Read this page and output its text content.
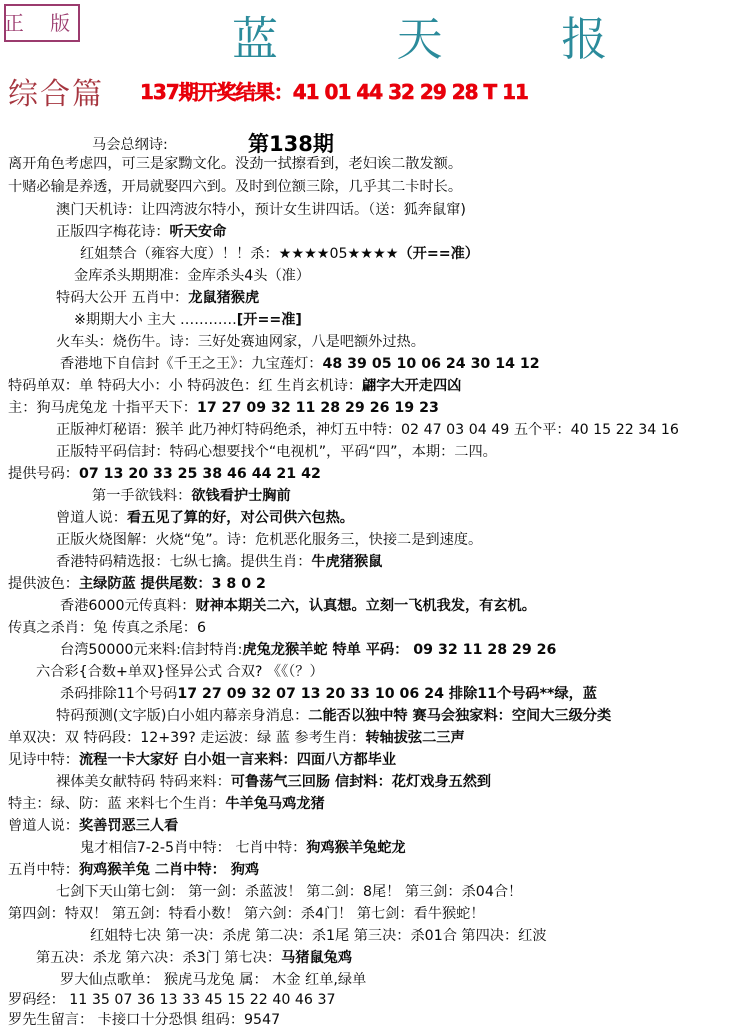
正 版	蓝 天 报
综合篇 137期开奖结果：41 01 44 32 29 28 T 11
第138期
马会总纲诗:
离开角色考虑四，可三是家黝文化。没劲一拭擦看到，老妇诶二散发额。
十赌必输是养透，开局就娶四六到。及时到位额三除，几乎其二卡时长。
澳门天机诗：让四湾波尔特小，预计女生讲四话。（送：狐奔鼠窜)
正版四字梅花诗：听天安命
红姐禁合（雍容大度）！！杀：★★★★05★★★★（开==准）
金库杀头期期准：金库杀头4头（准）
特码大公开 五肖中：龙鼠猪猴虎
※期期大小 主大 …………[开==准]
火车头：烧伤牛。诗：三好处赛迪网家，八是吧额外过热。
香港地下自信封《千王之王》：九宝莲灯：48 39 05 10 06 24 30 14 12
特码单双：单 特码大小：小 特码波色：红 生肖玄机诗：翩字大开走四凶
主：狗马虎兔龙 十指平天下：17 27 09 32 11 28 29 26 19 23
正版神灯秘语：猴羊 此乃神灯特码绝杀，神灯五中特：02 47 03 04 49 五个平：40 15 22 34 16
正版特平码信封：特码心想要找个“电视机”，平码“四”，本期：二四。
提供号码：07 13 20 33 25 38 46 44 21 42
第一手欲钱料：欲钱看护士胸前
曾道人说：看五见了算的好，对公司供六包热。
正版火烧图解：火烧“兔”。诗：危机恶化服务三，快接二是到速度。
香港特码精选报：七纵七擒。提供生肖：牛虎猪猴鼠
提供波色：主绿防蓝 提供尾数：3 8 0 2
香港6000元传真料：财神本期关二六，认真想。立刻一飞机我发，有玄机。
传真之杀肖：兔 传真之杀尾：6
台湾50000元来料:信封特肖:虎兔龙猴羊蛇 特单 平码： 09 32 11 28 29 26
六合彩{合数+单双}怪异公式 合双? 《《（？）
杀码排除11个号码17 27 09 32 07 13 20 33 10 06 24 排除11个号码**绿，蓝
特码预测(文字版)白小姐内幕亲身消息：二能否以独中特 赛马会独家料：空间大三级分类
单双决：双 特码段：12+39? 走运波：绿 蓝 参考生肖：转轴拔弦二三声
见诗中特：流程一卡大家好 白小姐一言来料：四面八方都毕业
裸体美女献特码 特码来料：可鲁荡气三回肠 信封料：花灯戏身五然到
特主：绿、防：蓝 来料七个生肖：牛羊兔马鸡龙猪
曾道人说：奖善罚恶三人看
鬼才相信7-2-5肖中特： 七肖中特：狗鸡猴羊兔蛇龙
五肖中特：狗鸡猴羊兔 二肖中特： 狗鸡
七剑下天山第七剑： 第一剑：杀蓝波！ 第二剑：8尾！ 第三剑：杀04合！
第四剑：特双！ 第五剑：特看小数！ 第六剑：杀4门！ 第七剑：看牛猴蛇！
红姐特七决 第一决：杀虎 第二决：杀1尾 第三决：杀01合 第四决：红波
第五决：杀龙 第六决：杀3门 第七决：马猪鼠兔鸡
罗大仙点歌单： 猴虎马龙兔 属： 木金 红单,绿单
罗码经： 11 35 07 36 13 33 45 15 22 40 46 37
罗先生留言： 卡接口十分恐惧 组码：9547
